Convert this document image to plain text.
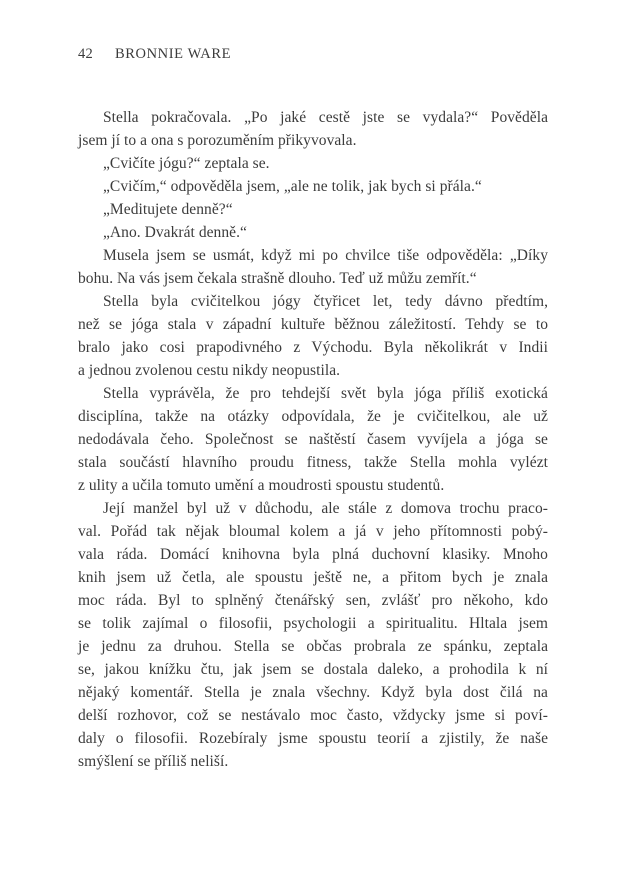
42 BRONNIE WARE
Stella pokračovala. „Po jaké cestě jste se vydala?“ Pověděla
jsem jí to a ona s porozuměním přikyvovala.
„Cvičíte jógu?“ zeptala se.
„Cvičím,“ odpověděla jsem, „ale ne tolik, jak bych si přála.“
„Meditujete denně?“
„Ano. Dvakrát denně.“
Musela jsem se usmát, když mi po chvilce tiše odpověděla: „Díky
bohu. Na vás jsem čekala strašně dlouho. Teď už můžu zemřít.“
Stella byla cvičitelkou jógy čtyřicet let, tedy dávno předtím,
než se jóga stala v západní kultuře běžnou záležitostí. Tehdy se to
bralo jako cosi prapodivného z Východu. Byla několikrát v Indii
a jednou zvolenou cestu nikdy neopustila.
Stella vyprávěla, že pro tehdejší svět byla jóga příliš exotická
disciplína, takže na otázky odpovídala, že je cvičitelkou, ale už
nedodávala čeho. Společnost se naštěstí časem vyvíjela a jóga se
stala součástí hlavního proudu fitness, takže Stella mohla vylézt
z ulity a učila tomuto umění a moudrosti spoustu studentů.
Její manžel byl už v důchodu, ale stále z domova trochu praco-
val. Pořád tak nějak bloumal kolem a já v jeho přítomnosti pobý-
vala ráda. Domácí knihovna byla plná duchovní klasiky. Mnoho
knih jsem už četla, ale spoustu ještě ne, a přitom bych je znala
moc ráda. Byl to splněný čtenářský sen, zvlášť pro někoho, kdo
se tolik zajímal o filosofii, psychologii a spiritualitu. Hltala jsem
je jednu za druhou. Stella se občas probrala ze spánku, zeptala
se, jakou knížku čtu, jak jsem se dostala daleko, a prohodila k ní
nějaký komentář. Stella je znala všechny. Když byla dost čilá na
delší rozhovor, což se nestávalo moc často, vždycky jsme si poví-
daly o filosofii. Rozebíraly jsme spoustu teorií a zjistily, že naše
smýšlení se příliš neliší.
